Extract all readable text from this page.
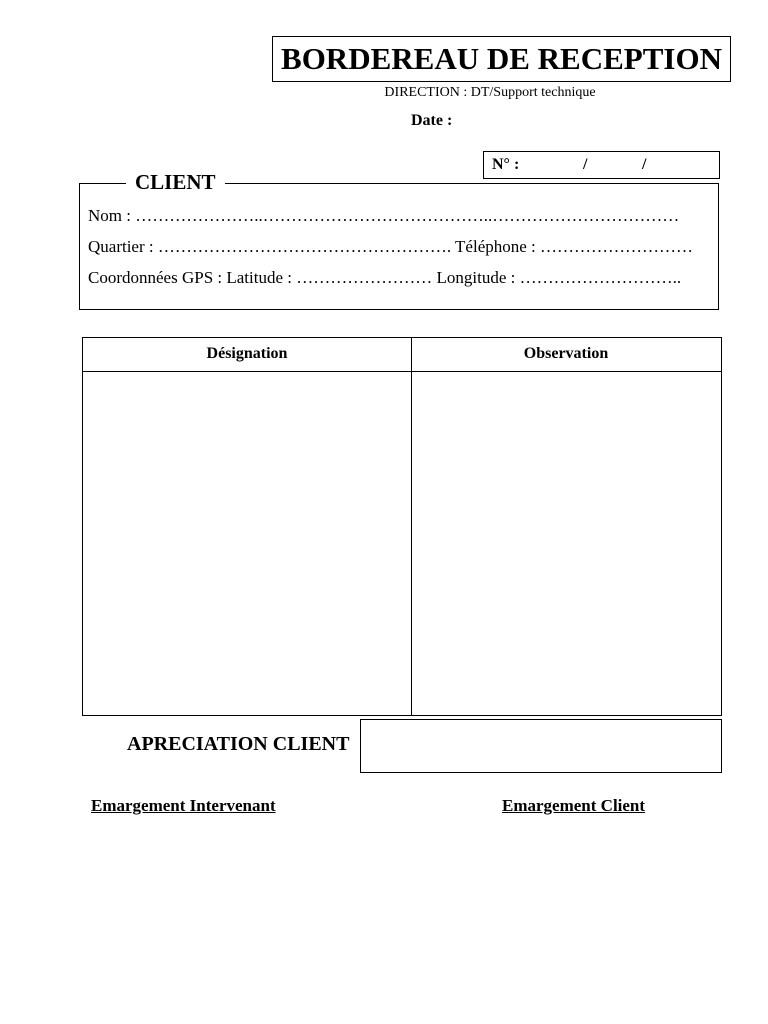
BORDEREAU DE RECEPTION
DIRECTION : DT/Support technique
Date :
N° :	/	/
CLIENT
Nom : …………………..…………………………………..……………………………
Quartier : ……………………………………………. Téléphone : ………………………
Coordonnées GPS : Latitude : …………………… Longitude : ………………………..
Désignation	Observation
APRECIATION CLIENT
Emargement Intervenant	Emargement Client
